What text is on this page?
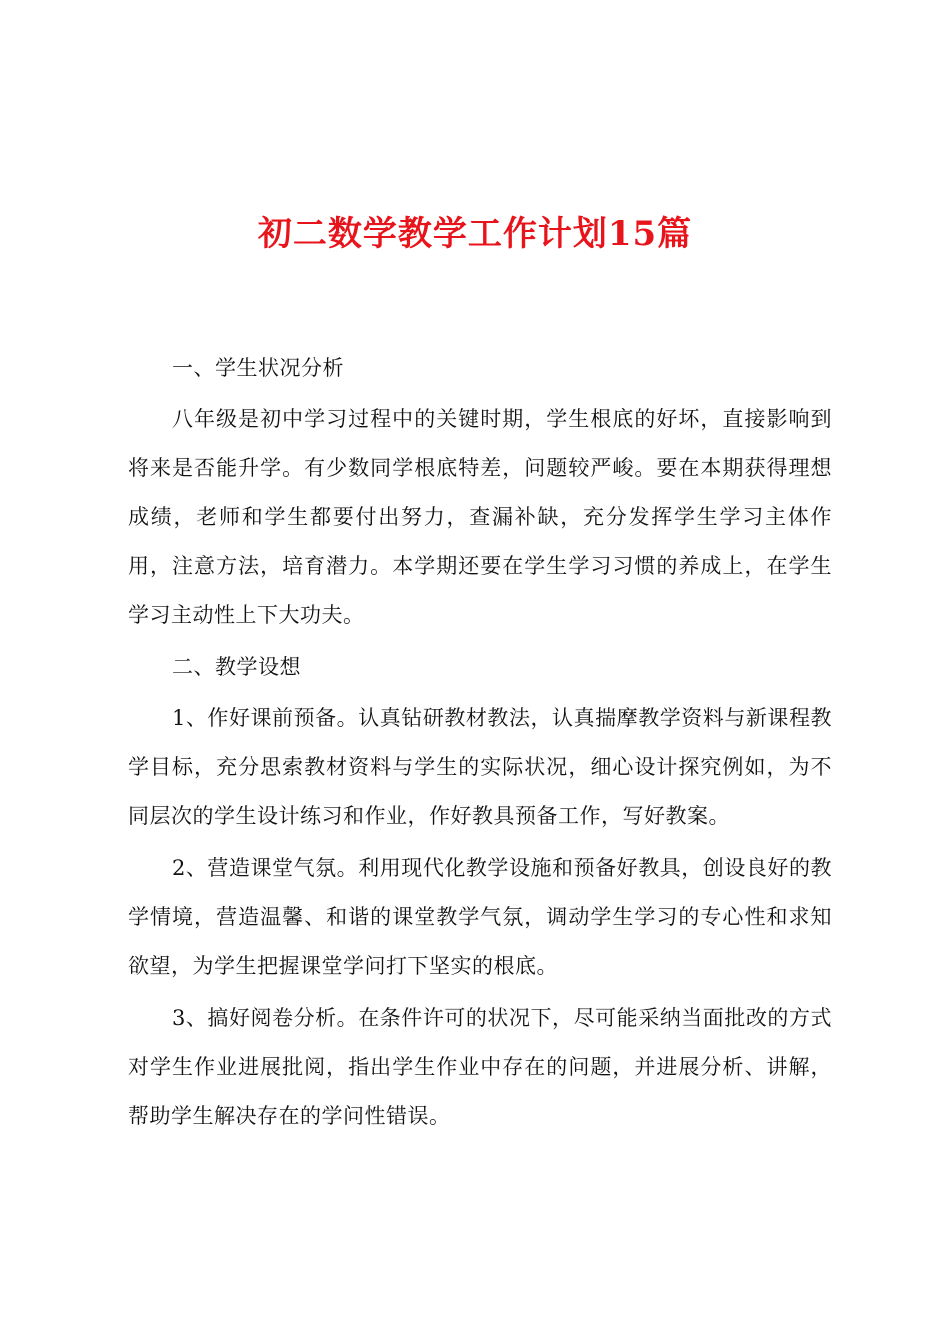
初二数学教学工作计划15篇

一、学生状况分析

八年级是初中学习过程中的关键时期，学生根底的好坏，直接影响到将来是否能升学。有少数同学根底特差，问题较严峻。要在本期获得理想成绩，老师和学生都要付出努力，查漏补缺，充分发挥学生学习主体作用，注意方法，培育潜力。本学期还要在学生学习习惯的养成上，在学生学习主动性上下大功夫。

二、教学设想

1、作好课前预备。认真钻研教材教法，认真揣摩教学资料与新课程教学目标，充分思索教材资料与学生的实际状况，细心设计探究例如，为不同层次的学生设计练习和作业，作好教具预备工作，写好教案。

2、营造课堂气氛。利用现代化教学设施和预备好教具，创设良好的教学情境，营造温馨、和谐的课堂教学气氛，调动学生学习的专心性和求知欲望，为学生把握课堂学问打下坚实的根底。

3、搞好阅卷分析。在条件许可的状况下，尽可能采纳当面批改的方式对学生作业进展批阅，指出学生作业中存在的问题，并进展分析、讲解，帮助学生解决存在的学问性错误。
